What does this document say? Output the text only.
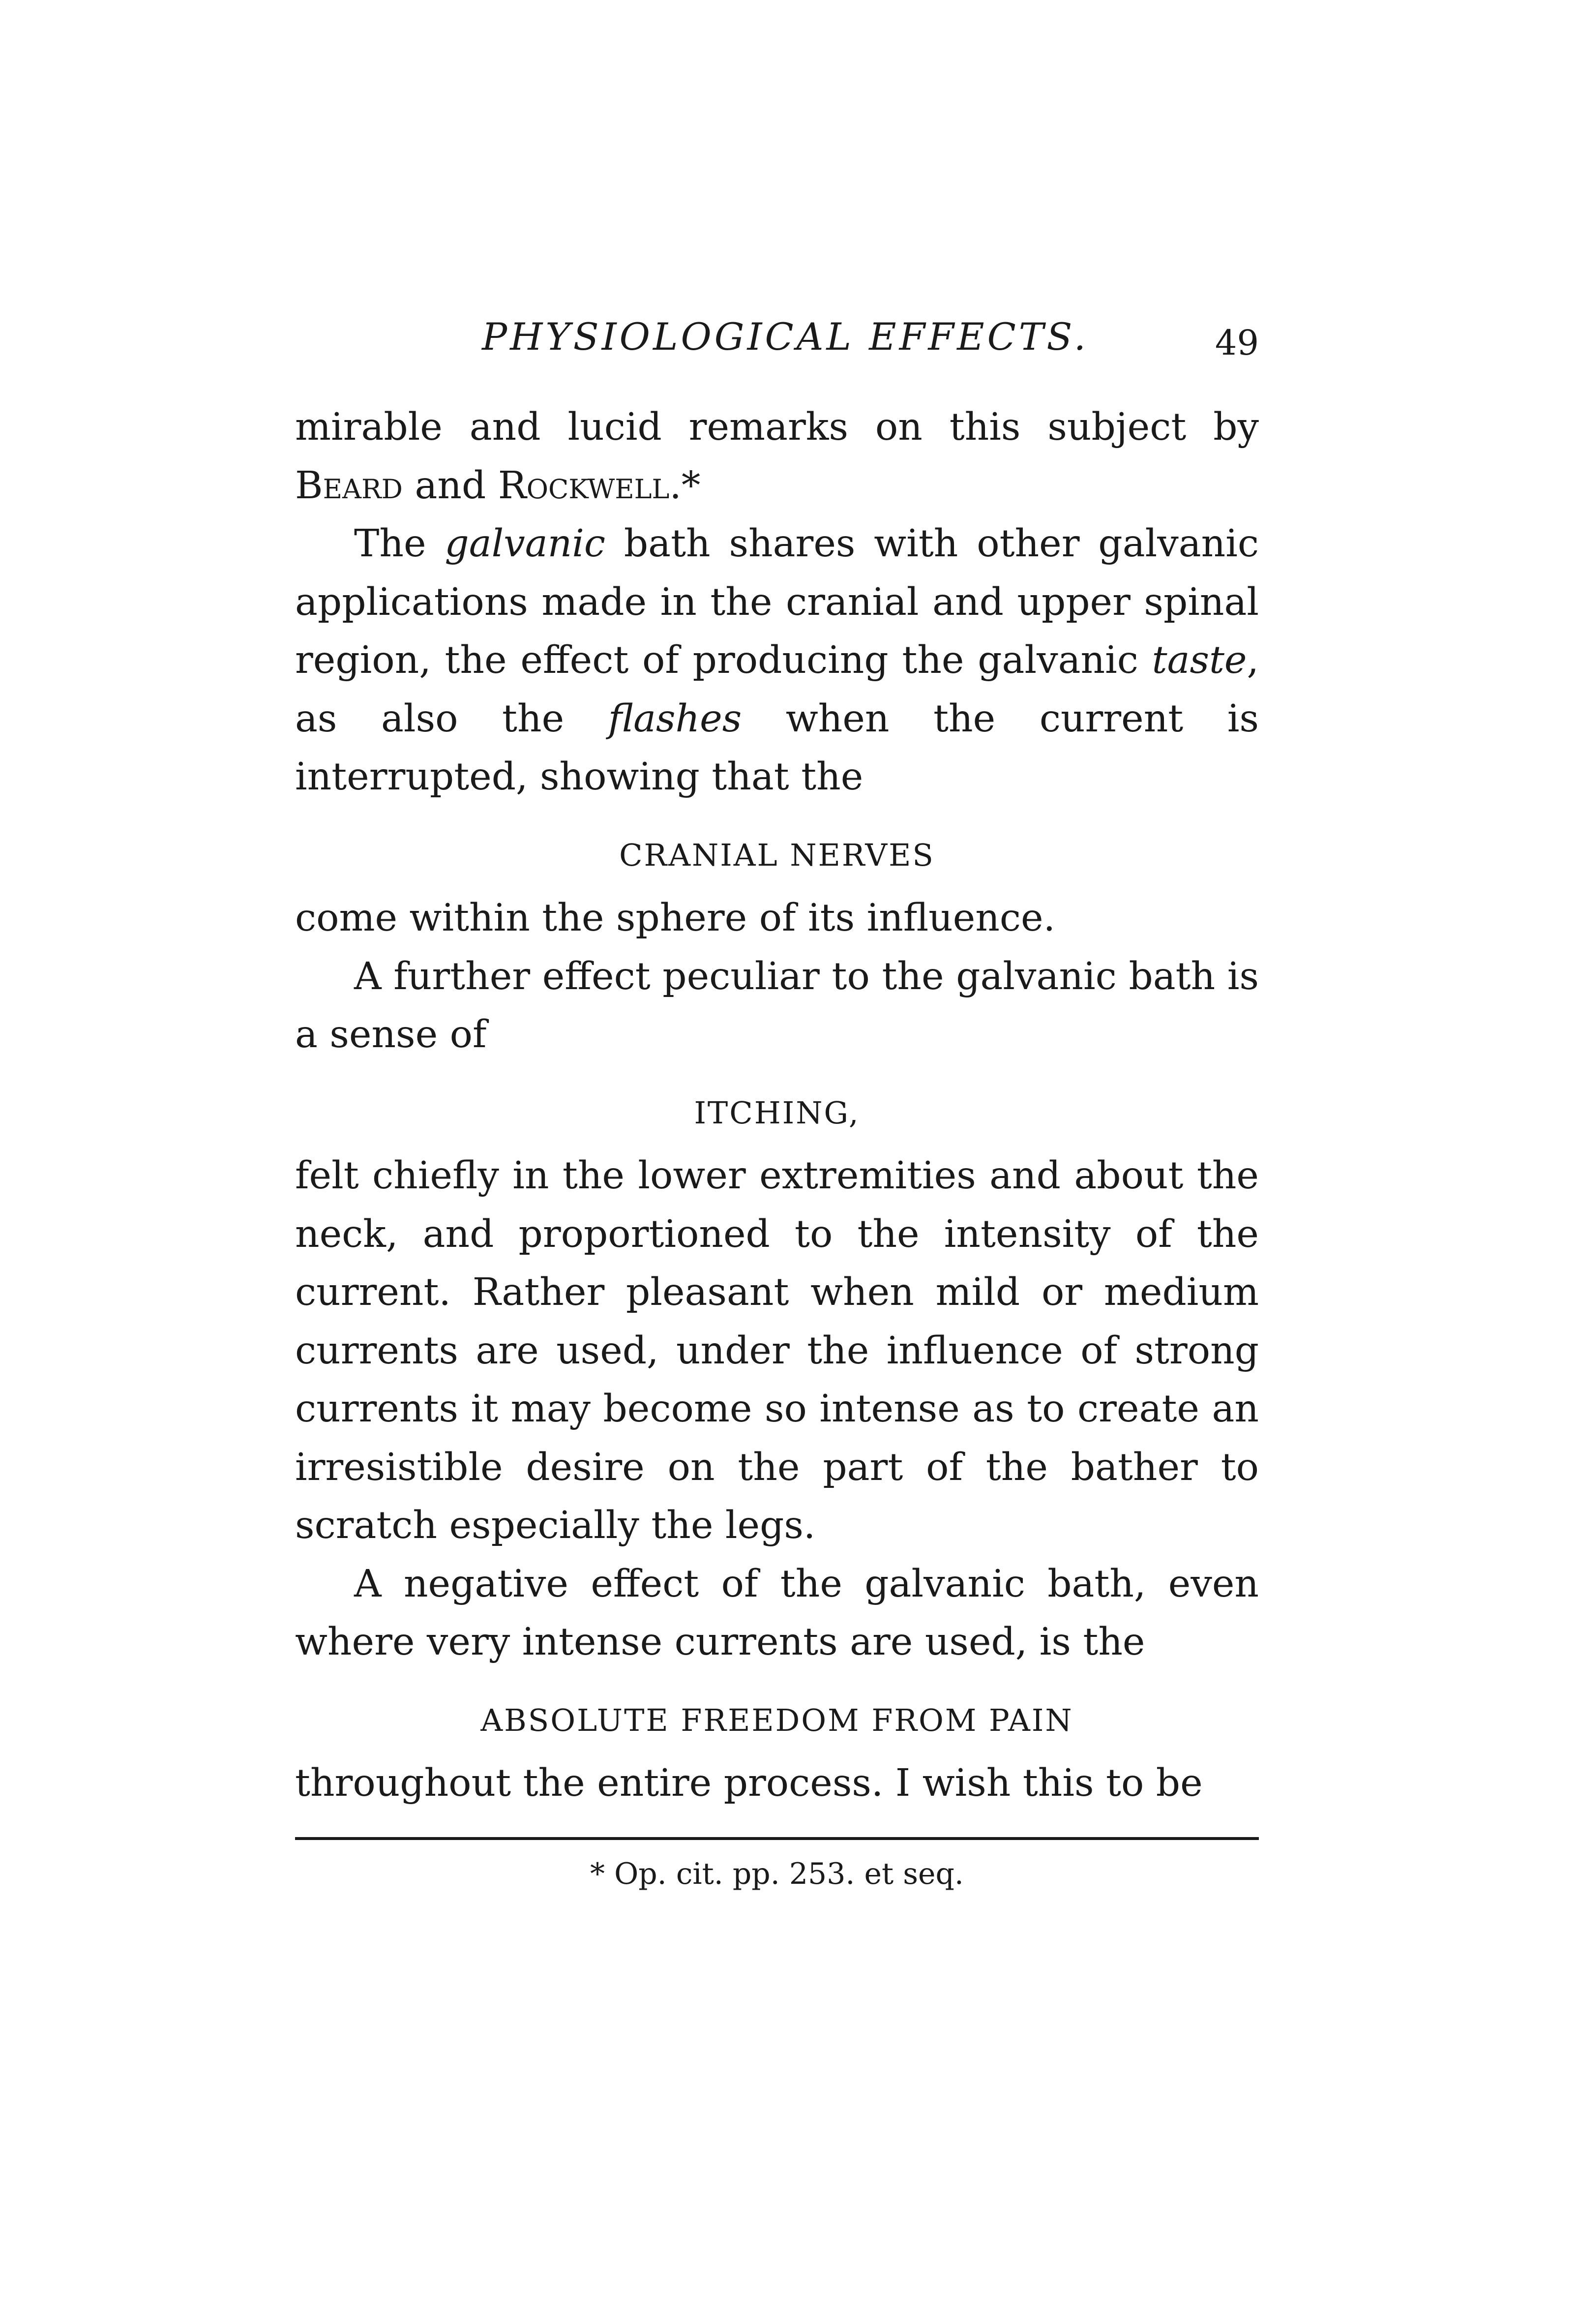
PHYSIOLOGICAL EFFECTS.	49

mirable and lucid remarks on this subject by Beard and Rockwell.*

The galvanic bath shares with other galvanic applications made in the cranial and upper spinal region, the effect of producing the galvanic taste, as also the flashes when the current is interrupted, showing that the

CRANIAL NERVES

come within the sphere of its influence.

A further effect peculiar to the galvanic bath is a sense of

ITCHING,

felt chiefly in the lower extremities and about the neck, and proportioned to the intensity of the current. Rather pleasant when mild or medium currents are used, under the influence of strong currents it may become so intense as to create an irresistible desire on the part of the bather to scratch especially the legs.

A negative effect of the galvanic bath, even where very intense currents are used, is the

ABSOLUTE FREEDOM FROM PAIN

throughout the entire process. I wish this to be

* Op. cit. pp. 253. et seq.
